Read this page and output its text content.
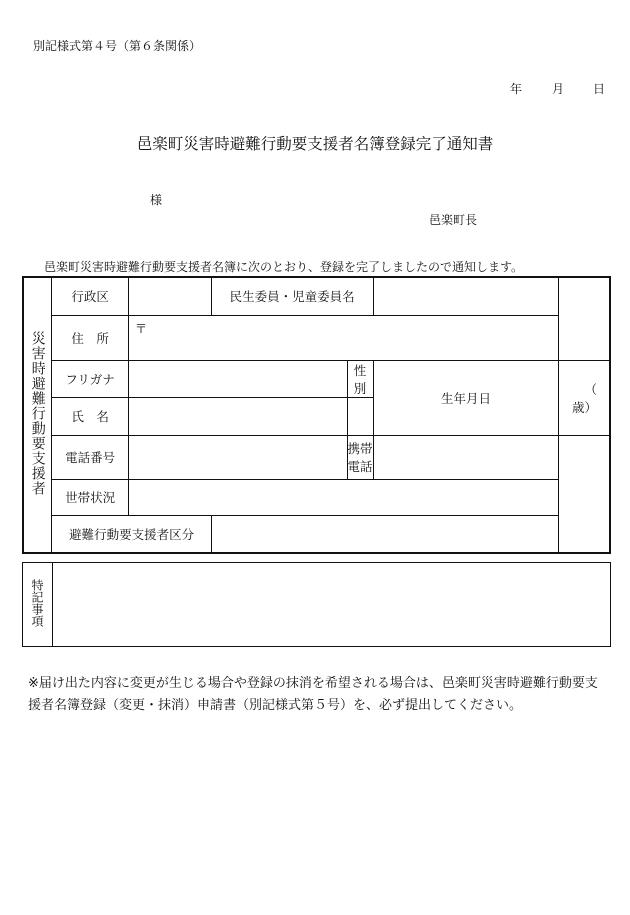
別記様式第４号（第６条関係）
年 月 日
邑楽町災害時避難行動要支援者名簿登録完了通知書
様
邑楽町長
邑楽町災害時避難行動要支援者名簿に次のとおり、登録を完了しましたので通知します。
災害時避難行動要支援者	行政区		民生委員・児童委員名			
	住　所	〒				
	フリガナ			性　別	生年月日	（　　歳）
	氏　名					
	電話番号			携帯電話		
	世帯状況					
	避難行動要支援者区分					
特記事項	
※届け出た内容に変更が生じる場合や登録の抹消を希望される場合は、邑楽町災害時避難行動要支援者名簿登録（変更・抹消）申請書（別記様式第５号）を、必ず提出してください。
